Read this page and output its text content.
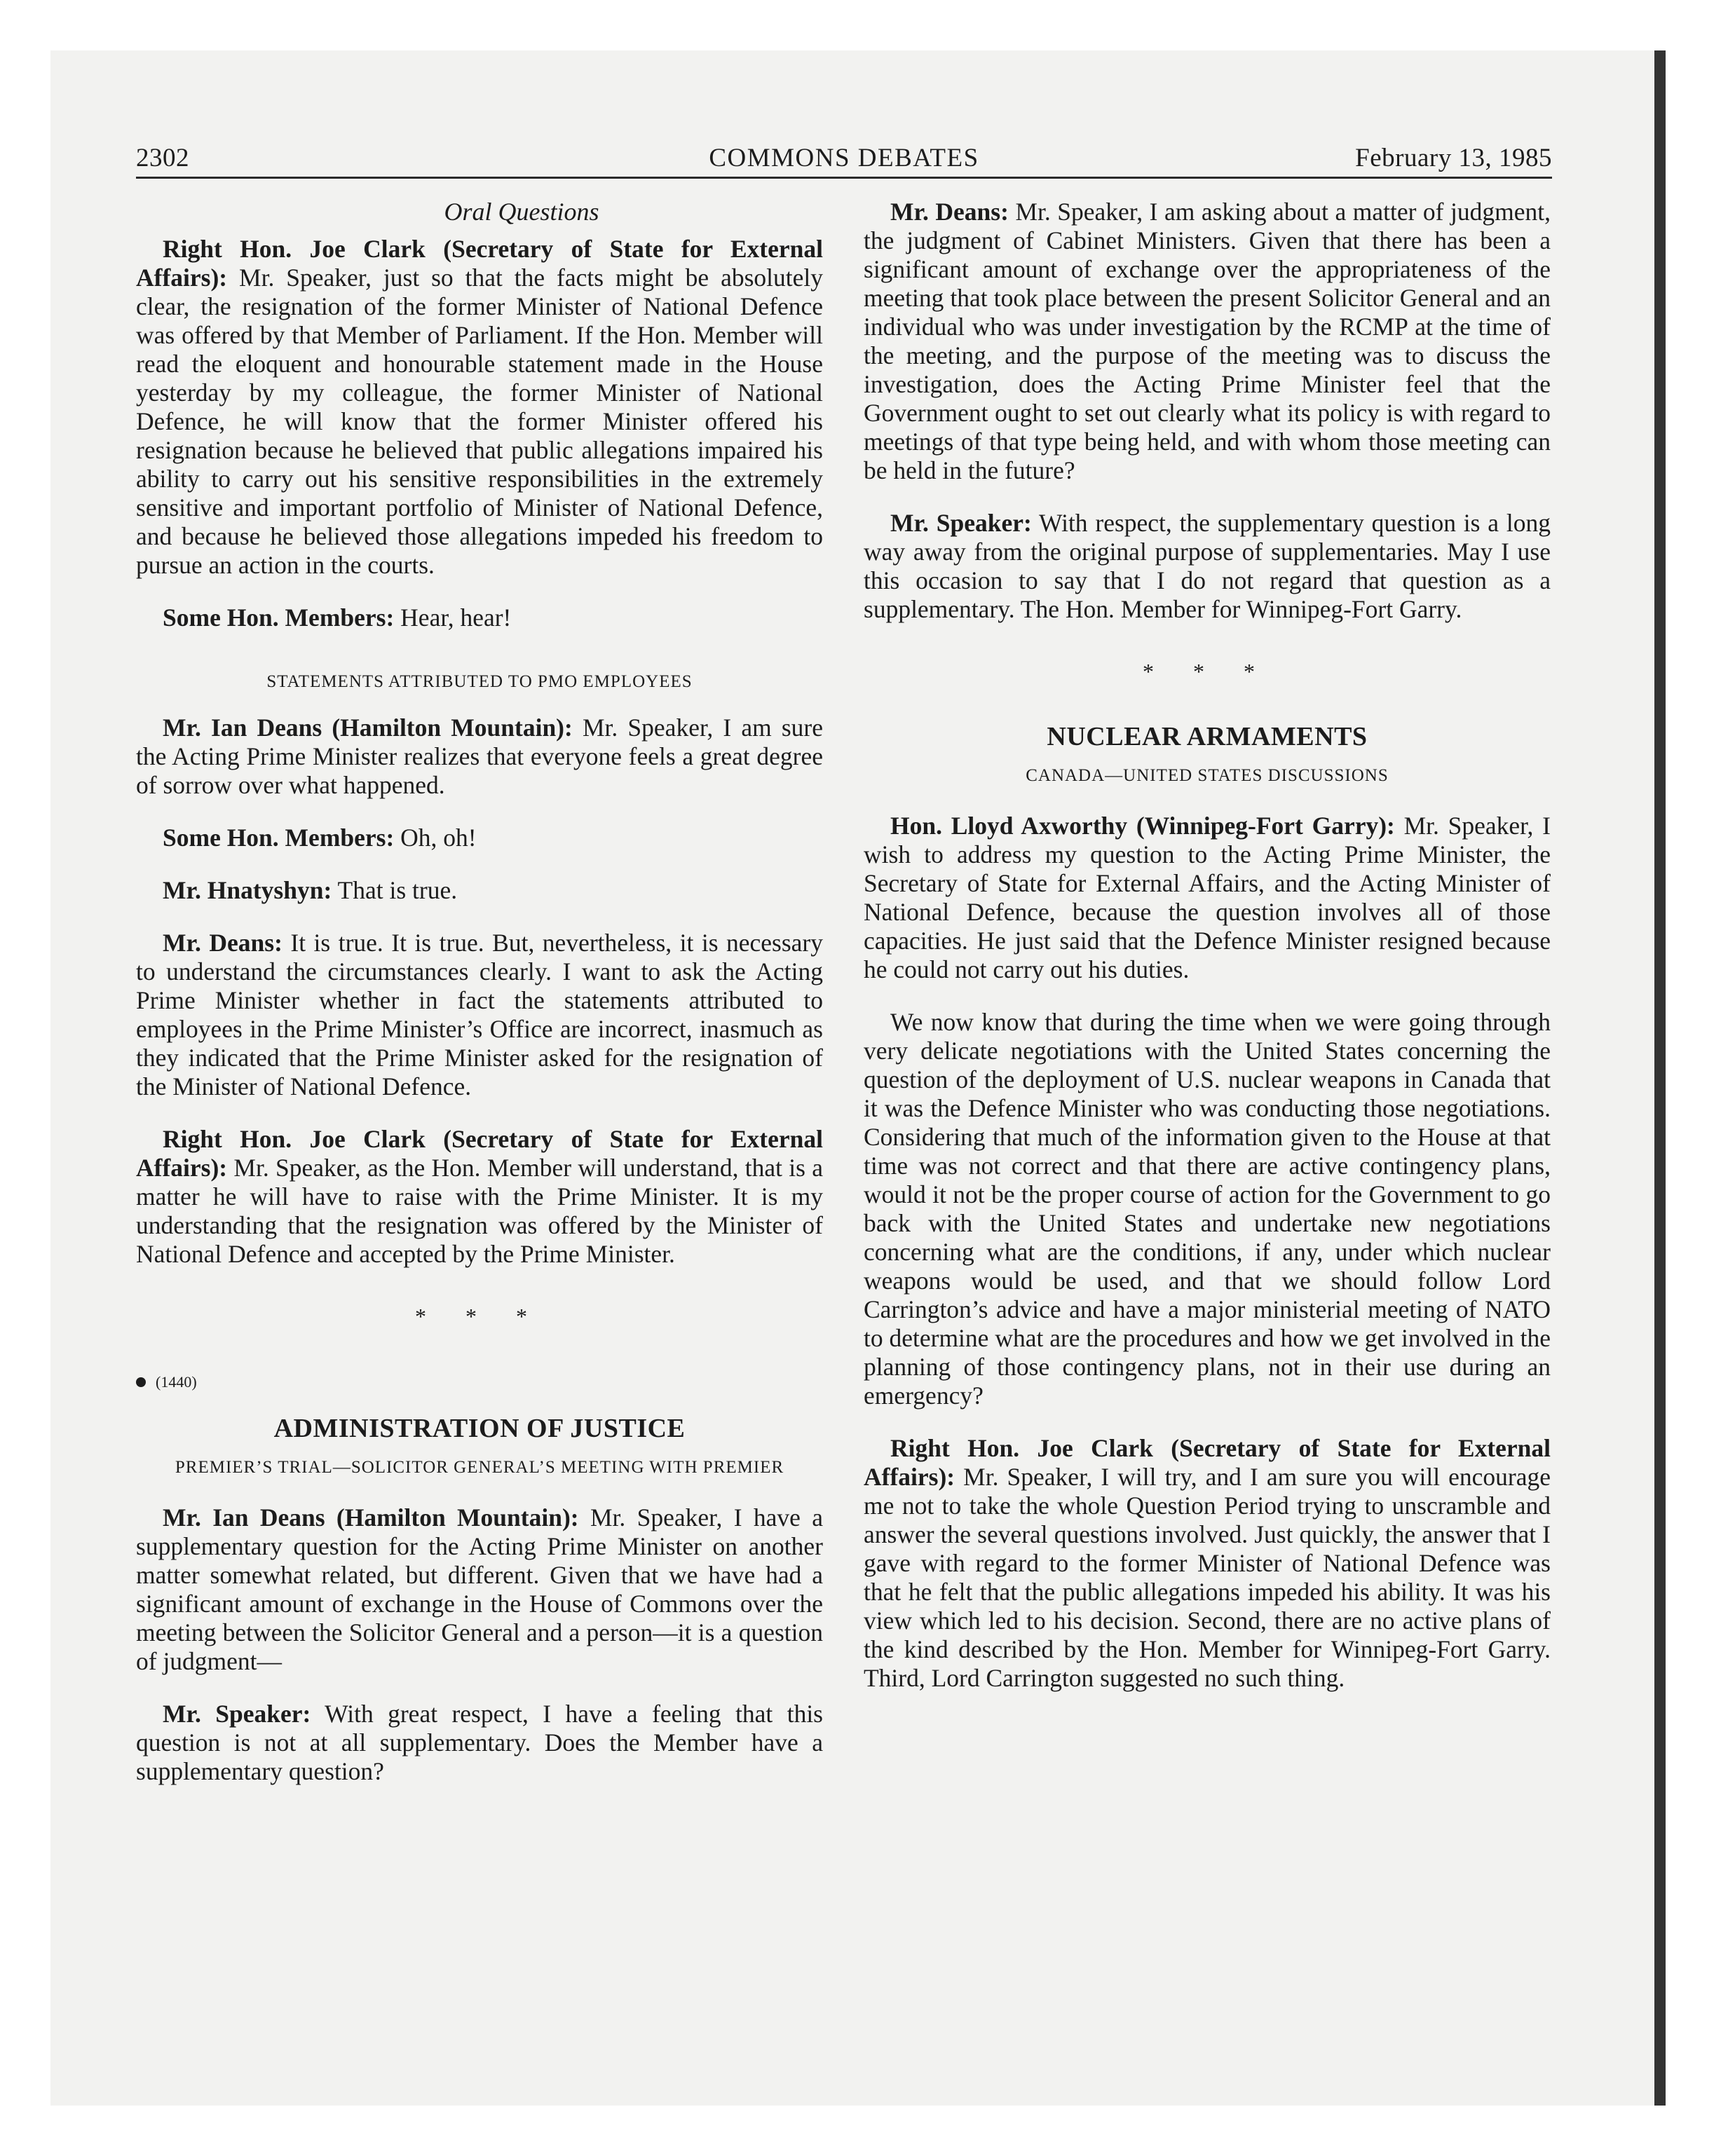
2302	COMMONS DEBATES	February 13, 1985
Oral Questions

Right Hon. Joe Clark (Secretary of State for External Affairs): Mr. Speaker, just so that the facts might be absolutely clear, the resignation of the former Minister of National Defence was offered by that Member of Parliament. If the Hon. Member will read the eloquent and honourable statement made in the House yesterday by my colleague, the former Minister of National Defence, he will know that the former Minister offered his resignation because he believed that public allegations impaired his ability to carry out his sensitive responsibilities in the extremely sensitive and important portfolio of Minister of National Defence, and because he believed those allegations impeded his freedom to pursue an action in the courts.

Some Hon. Members: Hear, hear!

STATEMENTS ATTRIBUTED TO PMO EMPLOYEES

Mr. Ian Deans (Hamilton Mountain): Mr. Speaker, I am sure the Acting Prime Minister realizes that everyone feels a great degree of sorrow over what happened.

Some Hon. Members: Oh, oh!

Mr. Hnatyshyn: That is true.

Mr. Deans: It is true. It is true. But, nevertheless, it is necessary to understand the circumstances clearly. I want to ask the Acting Prime Minister whether in fact the statements attributed to employees in the Prime Minister’s Office are incorrect, inasmuch as they indicated that the Prime Minister asked for the resignation of the Minister of National Defence.

Right Hon. Joe Clark (Secretary of State for External Affairs): Mr. Speaker, as the Hon. Member will understand, that is a matter he will have to raise with the Prime Minister. It is my understanding that the resignation was offered by the Minister of National Defence and accepted by the Prime Minister.

* * *
(1440)
ADMINISTRATION OF JUSTICE
PREMIER’S TRIAL—SOLICITOR GENERAL’S MEETING WITH PREMIER

Mr. Ian Deans (Hamilton Mountain): Mr. Speaker, I have a supplementary question for the Acting Prime Minister on another matter somewhat related, but different. Given that we have had a significant amount of exchange in the House of Commons over the meeting between the Solicitor General and a person—it is a question of judgment—

Mr. Speaker: With great respect, I have a feeling that this question is not at all supplementary. Does the Member have a supplementary question?

Mr. Deans: Mr. Speaker, I am asking about a matter of judgment, the judgment of Cabinet Ministers. Given that there has been a significant amount of exchange over the appropriateness of the meeting that took place between the present Solicitor General and an individual who was under investigation by the RCMP at the time of the meeting, and the purpose of the meeting was to discuss the investigation, does the Acting Prime Minister feel that the Government ought to set out clearly what its policy is with regard to meetings of that type being held, and with whom those meeting can be held in the future?

Mr. Speaker: With respect, the supplementary question is a long way away from the original purpose of supplementaries. May I use this occasion to say that I do not regard that question as a supplementary. The Hon. Member for Winnipeg-Fort Garry.

* * *
NUCLEAR ARMAMENTS
CANADA—UNITED STATES DISCUSSIONS

Hon. Lloyd Axworthy (Winnipeg-Fort Garry): Mr. Speaker, I wish to address my question to the Acting Prime Minister, the Secretary of State for External Affairs, and the Acting Minister of National Defence, because the question involves all of those capacities. He just said that the Defence Minister resigned because he could not carry out his duties.

We now know that during the time when we were going through very delicate negotiations with the United States concerning the question of the deployment of U.S. nuclear weapons in Canada that it was the Defence Minister who was conducting those negotiations. Considering that much of the information given to the House at that time was not correct and that there are active contingency plans, would it not be the proper course of action for the Government to go back with the United States and undertake new negotiations concerning what are the conditions, if any, under which nuclear weapons would be used, and that we should follow Lord Carrington’s advice and have a major ministerial meeting of NATO to determine what are the procedures and how we get involved in the planning of those contingency plans, not in their use during an emergency?

Right Hon. Joe Clark (Secretary of State for External Affairs): Mr. Speaker, I will try, and I am sure you will encourage me not to take the whole Question Period trying to unscramble and answer the several questions involved. Just quickly, the answer that I gave with regard to the former Minister of National Defence was that he felt that the public allegations impeded his ability. It was his view which led to his decision. Second, there are no active plans of the kind described by the Hon. Member for Winnipeg-Fort Garry. Third, Lord Carrington suggested no such thing.
